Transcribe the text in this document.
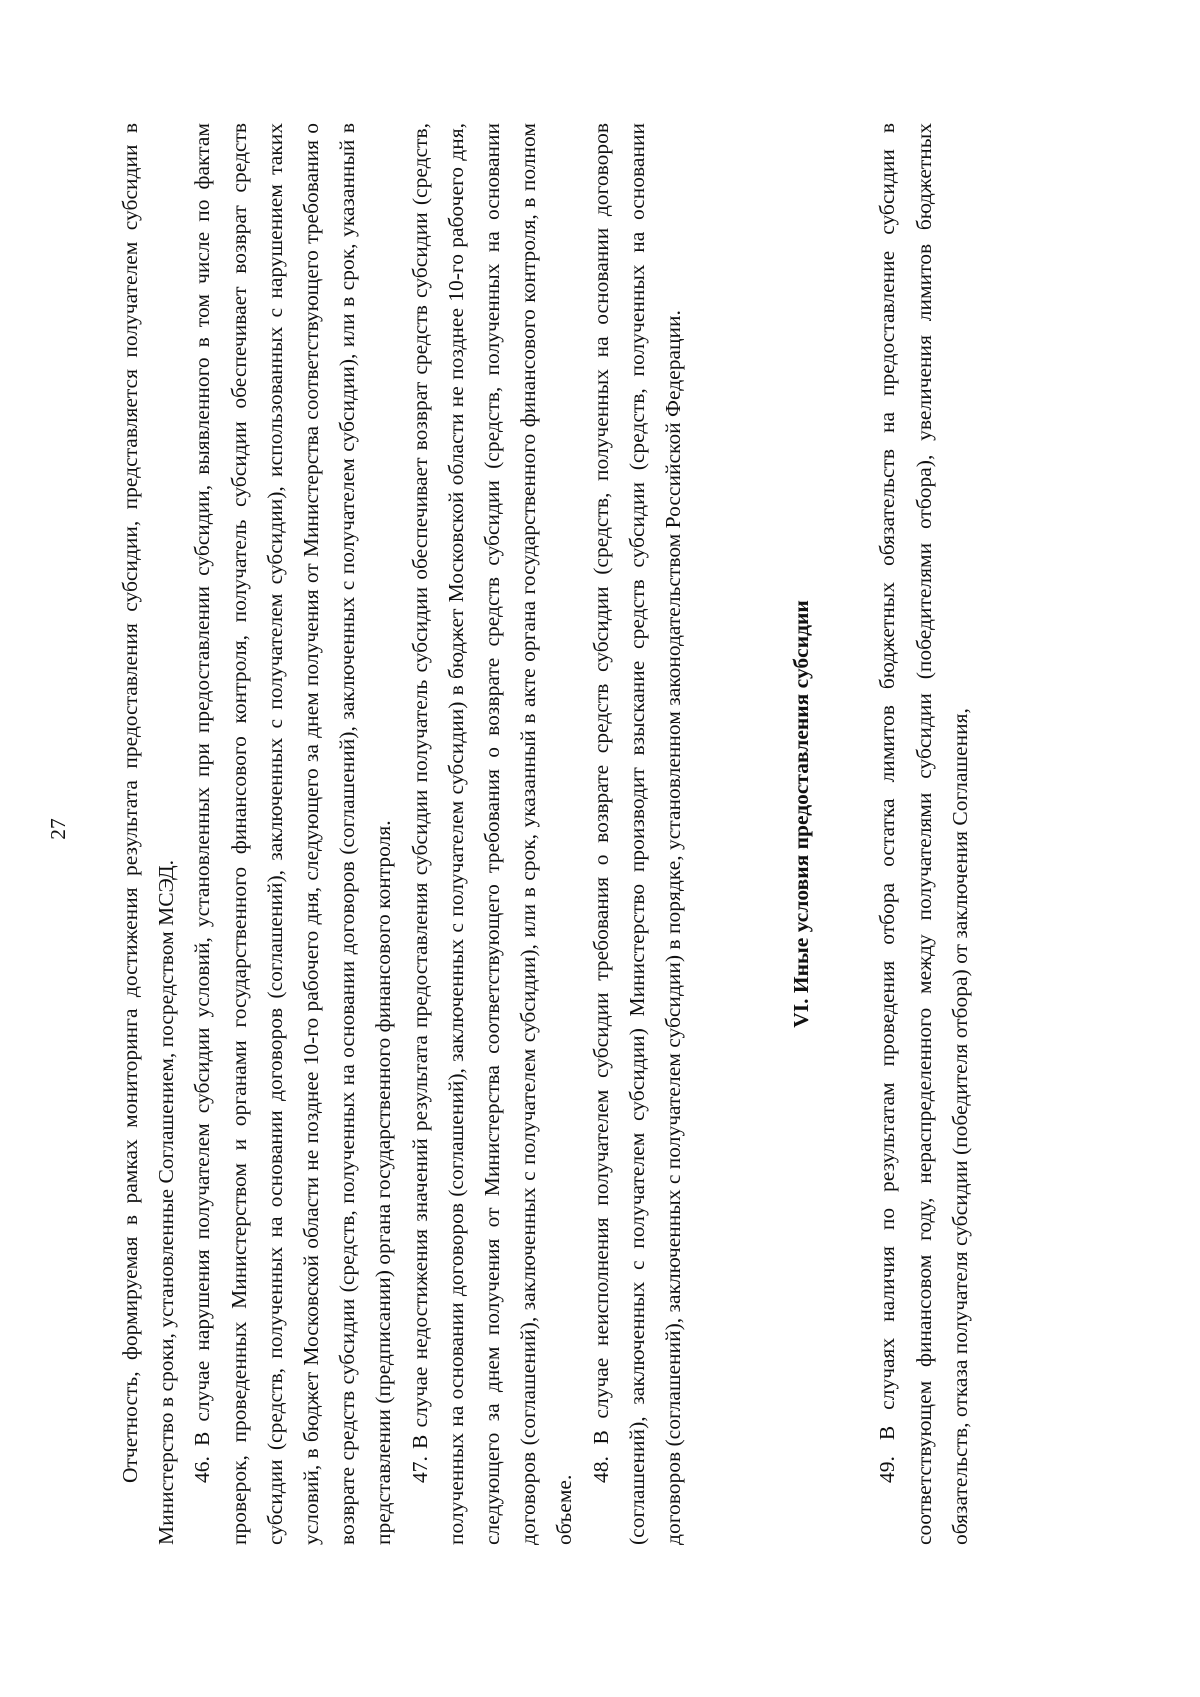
27 Отчетность, формируемая в рамках мониторинга достижения результата предоставления субсидии, представляется получателем субсидии в Министерство в сроки, установленные Соглашением, посредством МСЭД. 46. В случае нарушения получателем субсидии условий, установленных при предоставлении субсидии, выявленного в том числе по фактам проверок, проведенных Министерством и органами государственного финансового контроля, получатель субсидии обеспечивает возврат средств субсидии (средств, полученных на основании договоров (соглашений), заключенных с получателем субсидии), использованных с нарушением таких условий, в бюджет Московской области не позднее 10-го рабочего дня, следующего за днем получения от Министерства соответствующего требования о возврате средств субсидии (средств, полученных на основании договоров (соглашений), заключенных с получателем субсидии), или в срок, указанный в представлении (предписании) органа государственного финансового контроля. 47. В случае недостижения значений результата предоставления субсидии получатель субсидии обеспечивает возврат средств субсидии (средств, полученных на основании договоров (соглашений), заключенных с получателем субсидии) в бюджет Московской области не позднее 10-го рабочего дня, следующего за днем получения от Министерства соответствующего требования о возврате средств субсидии (средств, полученных на основании договоров (соглашений), заключенных с получателем субсидии), или в срок, указанный в акте органа государственного финансового контроля, в полном объеме.

48. В случае неисполнения получателем субсидии требования о возврате средств субсидии (средств, полученных на основании договоров (соглашений), заключенных с получателем субсидии) Министерство производит взыскание средств субсидии (средств, полученных на основании договоров (соглашений), заключенных с получателем субсидии) в порядке, установленном законодательством Российской Федерации.	VI. Иные условия предоставления субсидии	49. В случаях наличия по результатам проведения отбора остатка лимитов бюджетных обязательств на предоставление субсидии в соответствующем финансовом году, нераспределенного между получателями субсидии (победителями отбора), увеличения лимитов бюджетных обязательств, отказа получателя субсидии (победителя отбора) от заключения Соглашения,
